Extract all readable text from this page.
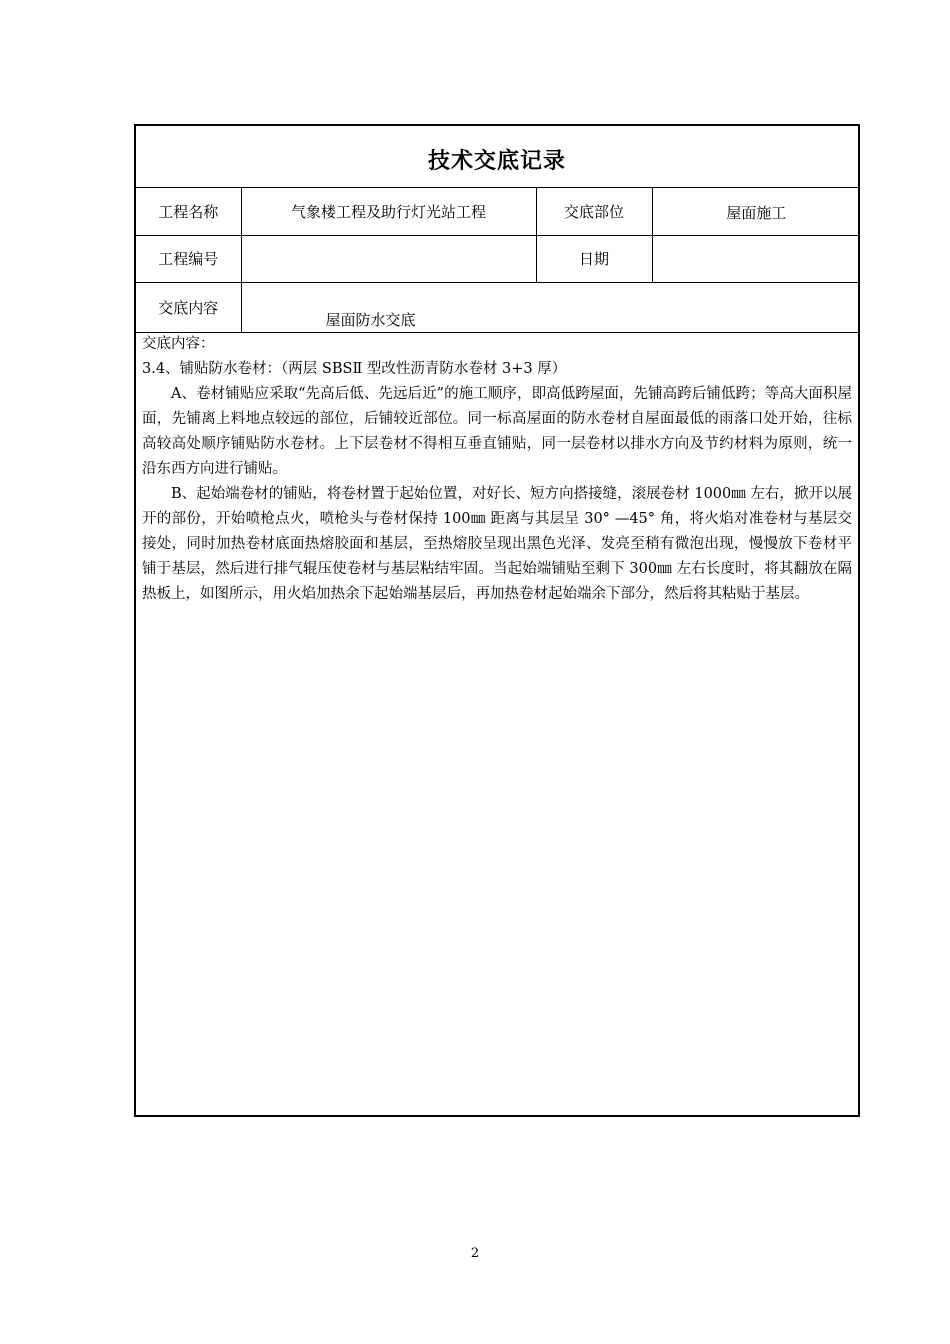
技术交底记录
工程名称	气象楼工程及助行灯光站工程	交底部位	屋面施工
工程编号		日期	
交底内容	屋面防水交底		

交底内容：

3.4、铺贴防水卷材：（两层 SBSⅡ 型改性沥青防水卷材 3+3 厚）

A、卷材铺贴应采取“先高后低、先远后近”的施工顺序，即高低跨屋面，先铺高跨后铺低跨；等高大面积屋面，先铺离上料地点较远的部位，后铺较近部位。同一标高屋面的防水卷材自屋面最低的雨落口处开始，往标高较高处顺序铺贴防水卷材。上下层卷材不得相互垂直铺贴，同一层卷材以排水方向及节约材料为原则，统一沿东西方向进行铺贴。

B、起始端卷材的铺贴，将卷材置于起始位置，对好长、短方向搭接缝，滚展卷材 1000㎜ 左右，掀开以展开的部份，开始喷枪点火，喷枪头与卷材保持 100㎜ 距离与其层呈 30° —45° 角，将火焰对准卷材与基层交接处，同时加热卷材底面热熔胶面和基层，至热熔胶呈现出黑色光泽、发亮至稍有微泡出现，慢慢放下卷材平铺于基层，然后进行排气辊压使卷材与基层粘结牢固。当起始端铺贴至剩下 300㎜ 左右长度时，将其翻放在隔热板上，如图所示，用火焰加热余下起始端基层后，再加热卷材起始端余下部分，然后将其粘贴于基层。

2
